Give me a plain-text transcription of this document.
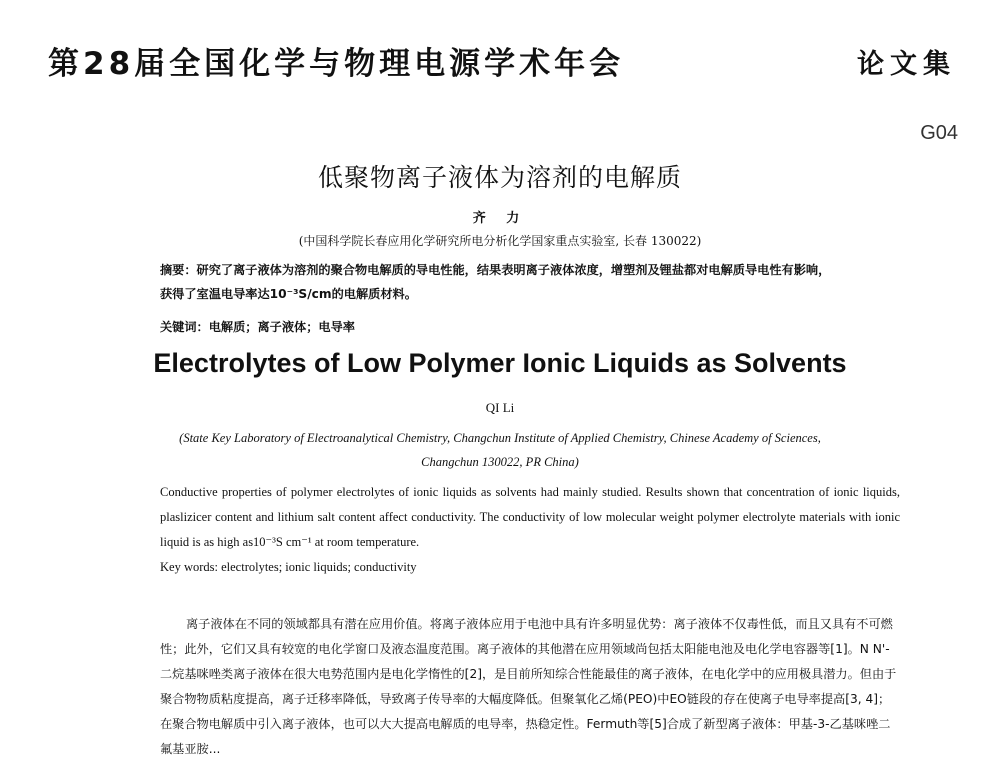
第28届全国化学与物理电源学术年会	论文集
G04
低聚物离子液体为溶剂的电解质
齐 力
(中国科学院长春应用化学研究所电分析化学国家重点实验室, 长春 130022)
摘要：研究了离子液体为溶剂的聚合物电解质的导电性能，结果表明离子液体浓度，增塑剂及锂盐都对电解质导电性有影响，获得了室温电导率达10⁻³S/cm的电解质材料。
关键词：电解质；离子液体；电导率
Electrolytes of Low Polymer Ionic Liquids as Solvents
QI Li
(State Key Laboratory of Electroanalytical Chemistry, Changchun Institute of Applied Chemistry, Chinese Academy of Sciences, Changchun 130022, PR China)
Conductive properties of polymer electrolytes of ionic liquids as solvents had mainly studied. Results shown that concentration of ionic liquids, plaslizicer content and lithium salt content affect conductivity. The conductivity of low molecular weight polymer electrolyte materials with ionic liquid is as high as10⁻³S cm⁻¹ at room temperature.
Key words: electrolytes; ionic liquids; conductivity
离子液体在不同的领域都具有潜在应用价值。将离子液体应用于电池中具有许多明显优势：离子液体不仅毒性低，而且又具有不可燃性；此外，它们又具有较宽的电化学窗口及液态温度范围。离子液体的其他潜在应用领域尚包括太阳能电池及电化学电容器等[1]。N N'-二烷基咪唑类离子液体在很大电势范围内是电化学惰性的[2]，是目前所知综合性能最佳的离子液体，在电化学中的应用极具潜力。但由于聚合物物质粘度提高，离子迁移率降低，导致离子传导率的大幅度降低。但聚氧化乙烯(PEO)中EO链段的存在使离子电导率提高[3, 4]；在聚合物电解质中引入离子液体，也可以大大提高电解质的电导率，热稳定性。Fermuth等[5]合成了新型离子液体：甲基-3-乙基咪唑二氟基亚胺...
